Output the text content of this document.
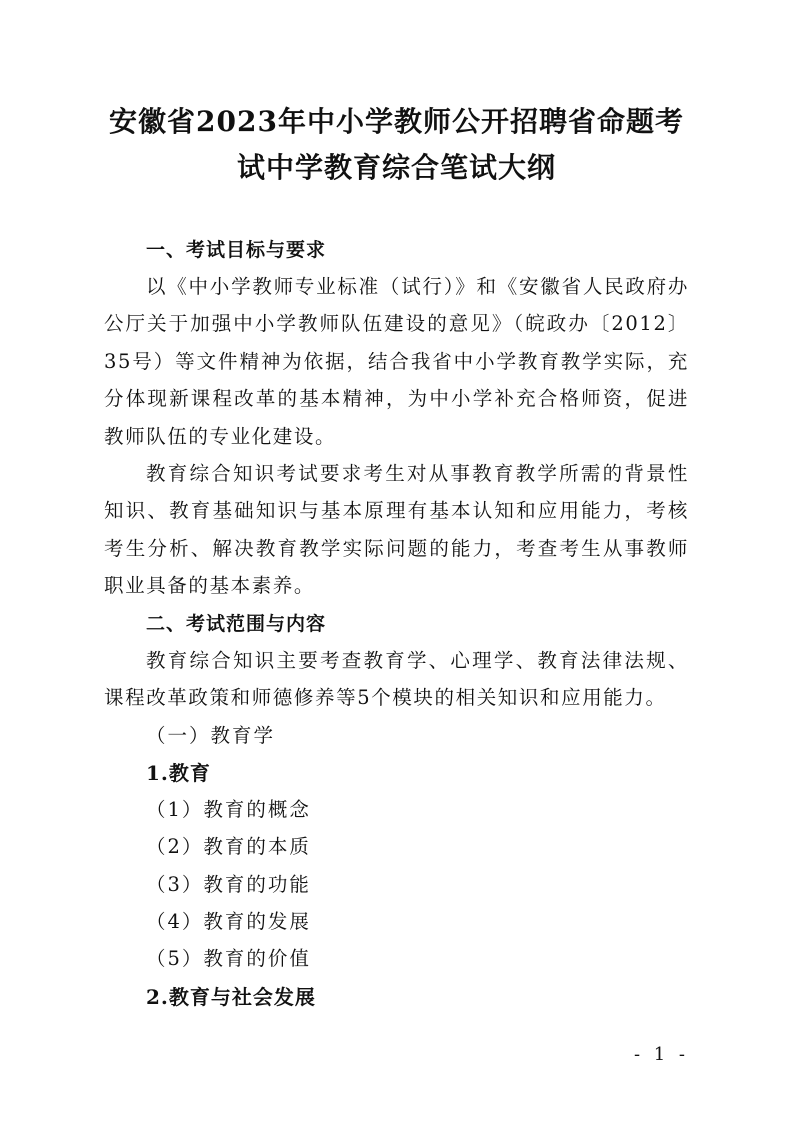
安徽省2023年中小学教师公开招聘省命题考
试中学教育综合笔试大纲
一、考试目标与要求

以《中小学教师专业标准（试行）》和《安徽省人民政府办公厅关于加强中小学教师队伍建设的意见》（皖政办〔2012〕35号）等文件精神为依据，结合我省中小学教育教学实际，充分体现新课程改革的基本精神，为中小学补充合格师资，促进教师队伍的专业化建设。

教育综合知识考试要求考生对从事教育教学所需的背景性知识、教育基础知识与基本原理有基本认知和应用能力，考核考生分析、解决教育教学实际问题的能力，考查考生从事教师职业具备的基本素养。

二、考试范围与内容

教育综合知识主要考查教育学、心理学、教育法律法规、课程改革政策和师德修养等5个模块的相关知识和应用能力。

（一）教育学

1.教育

（1）教育的概念

（2）教育的本质

（3）教育的功能

（4）教育的发展

（5）教育的价值

2.教育与社会发展

- 1 -
